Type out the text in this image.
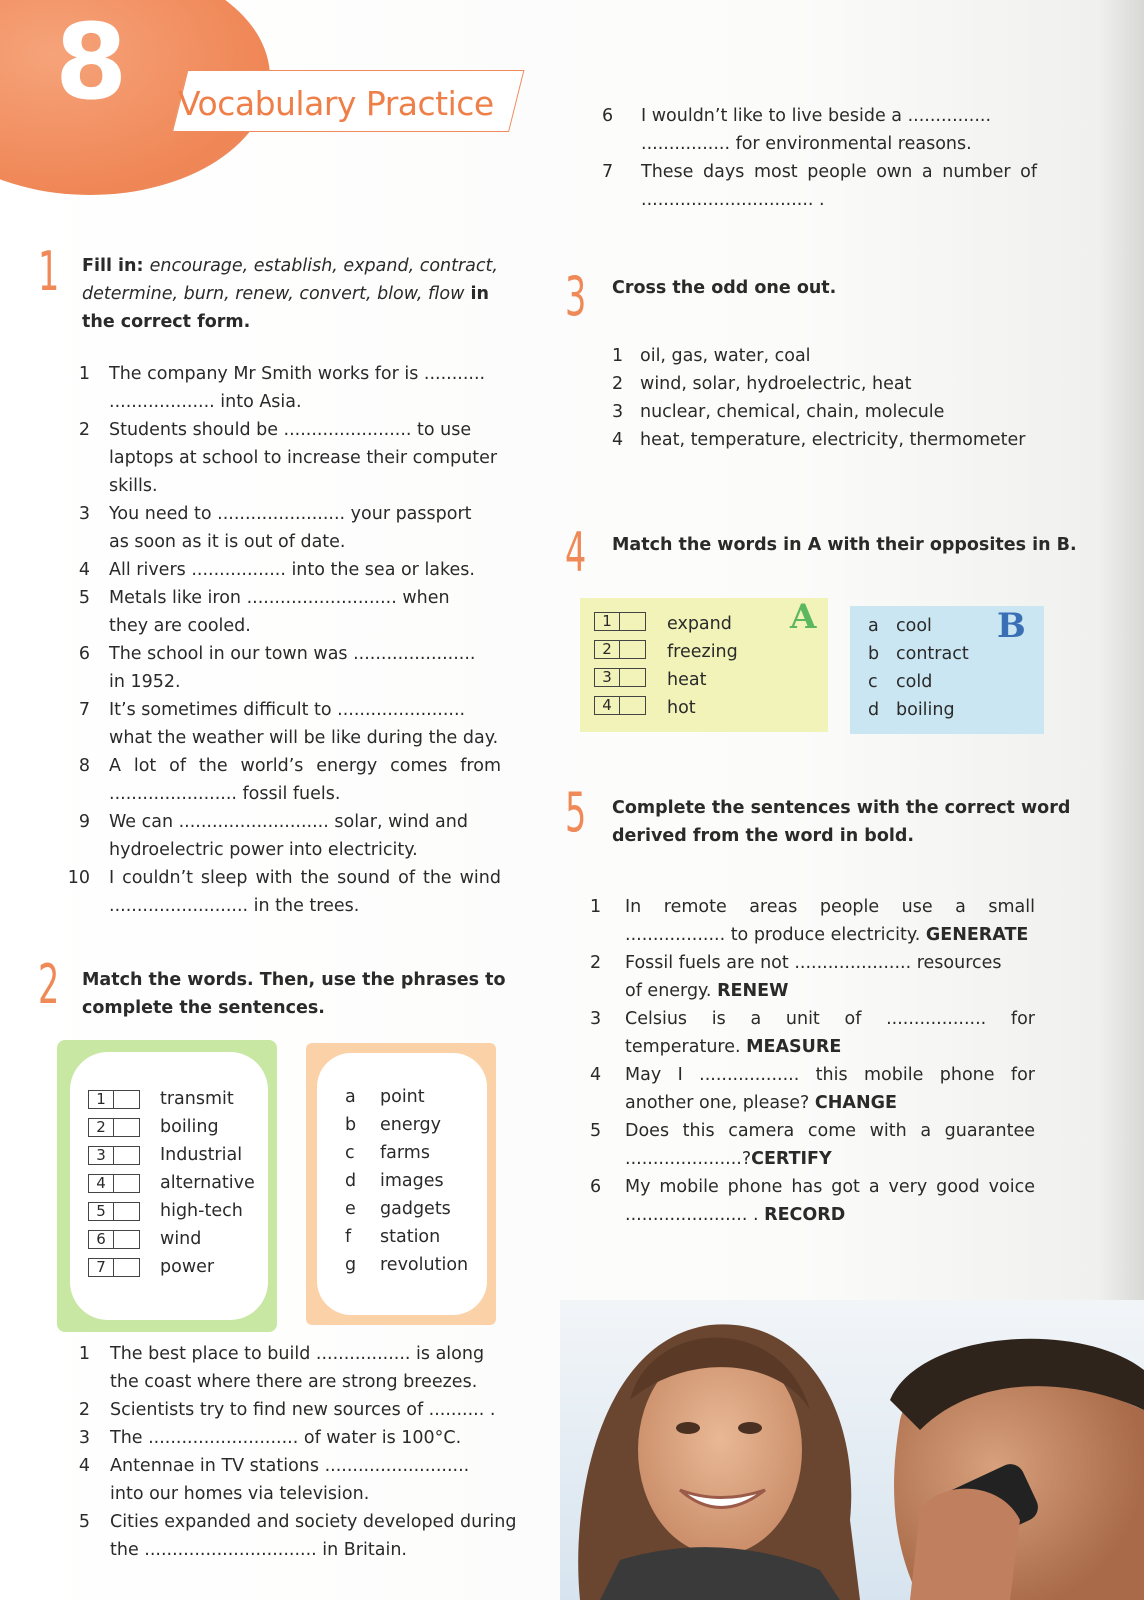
8 Vocabulary Practice
1 Fill in: encourage, establish, expand, contract,
determine, burn, renew, convert, blow, flow in
the correct form.
1 The company Mr Smith works for is ...........
................... into Asia.
2 Students should be ....................... to use
laptops at school to increase their computer
skills.
3 You need to ....................... your passport
as soon as it is out of date.
4 All rivers ................. into the sea or lakes.
5 Metals like iron ........................... when
they are cooled.
6 The school in our town was ......................
in 1952.
7 It’s sometimes difficult to .......................
what the weather will be like during the day.
8 A lot of the world’s energy comes from
....................... fossil fuels.
9 We can ........................... solar, wind and
hydroelectric power into electricity.
10 I couldn’t sleep with the sound of the wind
......................... in the trees.
2 Match the words. Then, use the phrases to
complete the sentences.
1	transmit
2	boiling
3	Industrial
4	alternative
5	high-tech
6	wind
7	power
a point
b energy
c farms
d images
e gadgets
f station
g revolution
1 The best place to build ................. is along
the coast where there are strong breezes.
2 Scientists try to find new sources of .......... .
3 The ........................... of water is 100°C.
4 Antennae in TV stations ..........................
into our homes via television.
5 Cities expanded and society developed during
the ............................... in Britain.
6 I wouldn’t like to live beside a ...............
................ for environmental reasons.
7 These days most people own a number of
............................... .
3 Cross the odd one out.
1 oil, gas, water, coal
2 wind, solar, hydroelectric, heat
3 nuclear, chemical, chain, molecule
4 heat, temperature, electricity, thermometer
4 Match the words in A with their opposites in B.
A	B
1	expand
2	freezing
3	heat
4	hot
a cool
b contract
c cold
d boiling
5 Complete the sentences with the correct word
derived from the word in bold.
1 In remote areas people use a small
.................. to produce electricity. GENERATE
2 Fossil fuels are not ..................... resources
of energy. RENEW
3 Celsius is a unit of .................. for
temperature. MEASURE
4 May I .................. this mobile phone for
another one, please? CHANGE
5 Does this camera come with a guarantee
.....................?CERTIFY
6 My mobile phone has got a very good voice
...................... . RECORD
